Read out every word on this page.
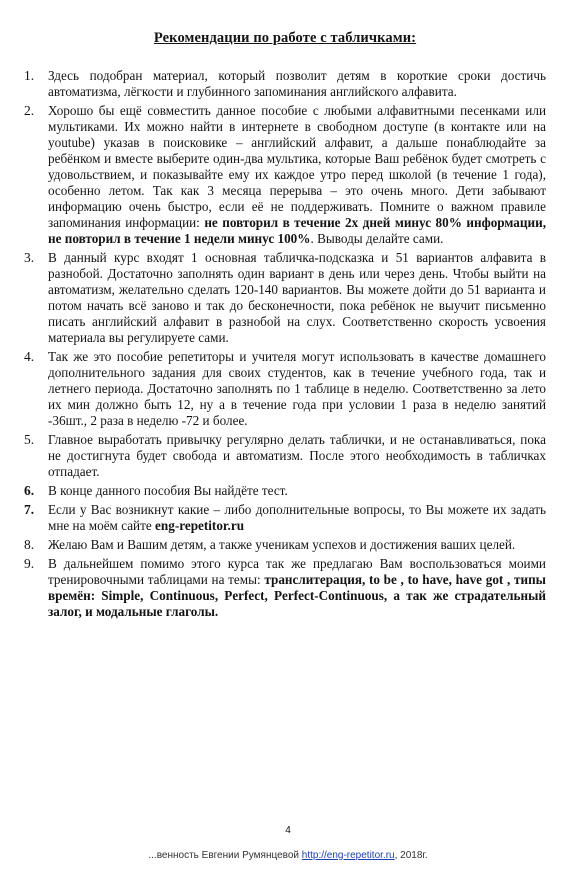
Рекомендации по работе с табличками:
1.	Здесь подобран материал, который позволит детям в короткие сроки достичь автоматизма, лёгкости и глубинного запоминания английского алфавита.
2.	Хорошо бы ещё совместить данное пособие с любыми алфавитными песенками или мультиками. Их можно найти в интернете в свободном доступе (в контакте или на youtube) указав в поисковике – английский алфавит, а дальше понаблюдайте за ребёнком и вместе выберите один-два мультика, которые Ваш ребёнок будет смотреть с удовольствием, и показывайте ему их каждое утро перед школой (в течение 1 года), особенно летом. Так как 3 месяца перерыва – это очень много. Дети забывают информацию очень быстро, если её не поддерживать. Помните о важном правиле запоминания информации: не повторил в течение 2х дней минус 80% информации, не повторил в течение 1 недели минус 100%. Выводы делайте сами.
3.	В данный курс входят 1 основная табличка-подсказка и 51 вариантов алфавита в разнобой. Достаточно заполнять один вариант в день или через день. Чтобы выйти на автоматизм, желательно сделать 120-140 вариантов. Вы можете дойти до 51 варианта и потом начать всё заново и так до бесконечности, пока ребёнок не выучит письменно писать английский алфавит в разнобой на слух. Соответственно скорость усвоения материала вы регулируете сами.
4.	Так же это пособие репетиторы и учителя могут использовать в качестве домашнего дополнительного задания для своих студентов, как в течение учебного года, так и летнего периода. Достаточно заполнять по 1 таблице в неделю. Соответственно за лето их мин должно быть 12, ну а в течение года при условии 1 раза в неделю занятий -36шт., 2 раза в неделю -72 и более.
5.	Главное выработать привычку регулярно делать таблички, и не останавливаться, пока не достигнута будет свобода и автоматизм. После этого необходимость в табличках отпадает.
6.	В конце данного пособия Вы найдёте тест.
7.	Если у Вас возникнут какие – либо дополнительные вопросы, то Вы можете их задать мне на моём сайте eng-repetitor.ru
8.	Желаю Вам и Вашим детям, а также ученикам успехов и достижения ваших целей.
9.	В дальнейшем помимо этого курса так же предлагаю Вам воспользоваться моими тренировочными таблицами на темы: транслитерация, to be , to have, have got , типы времён: Simple, Continuous, Perfect, Perfect-Continuous, а так же страдательный залог, и модальные глаголы.
4
...венность Евгении Румянцевой http://eng-repetitor.ru, 2018г.
